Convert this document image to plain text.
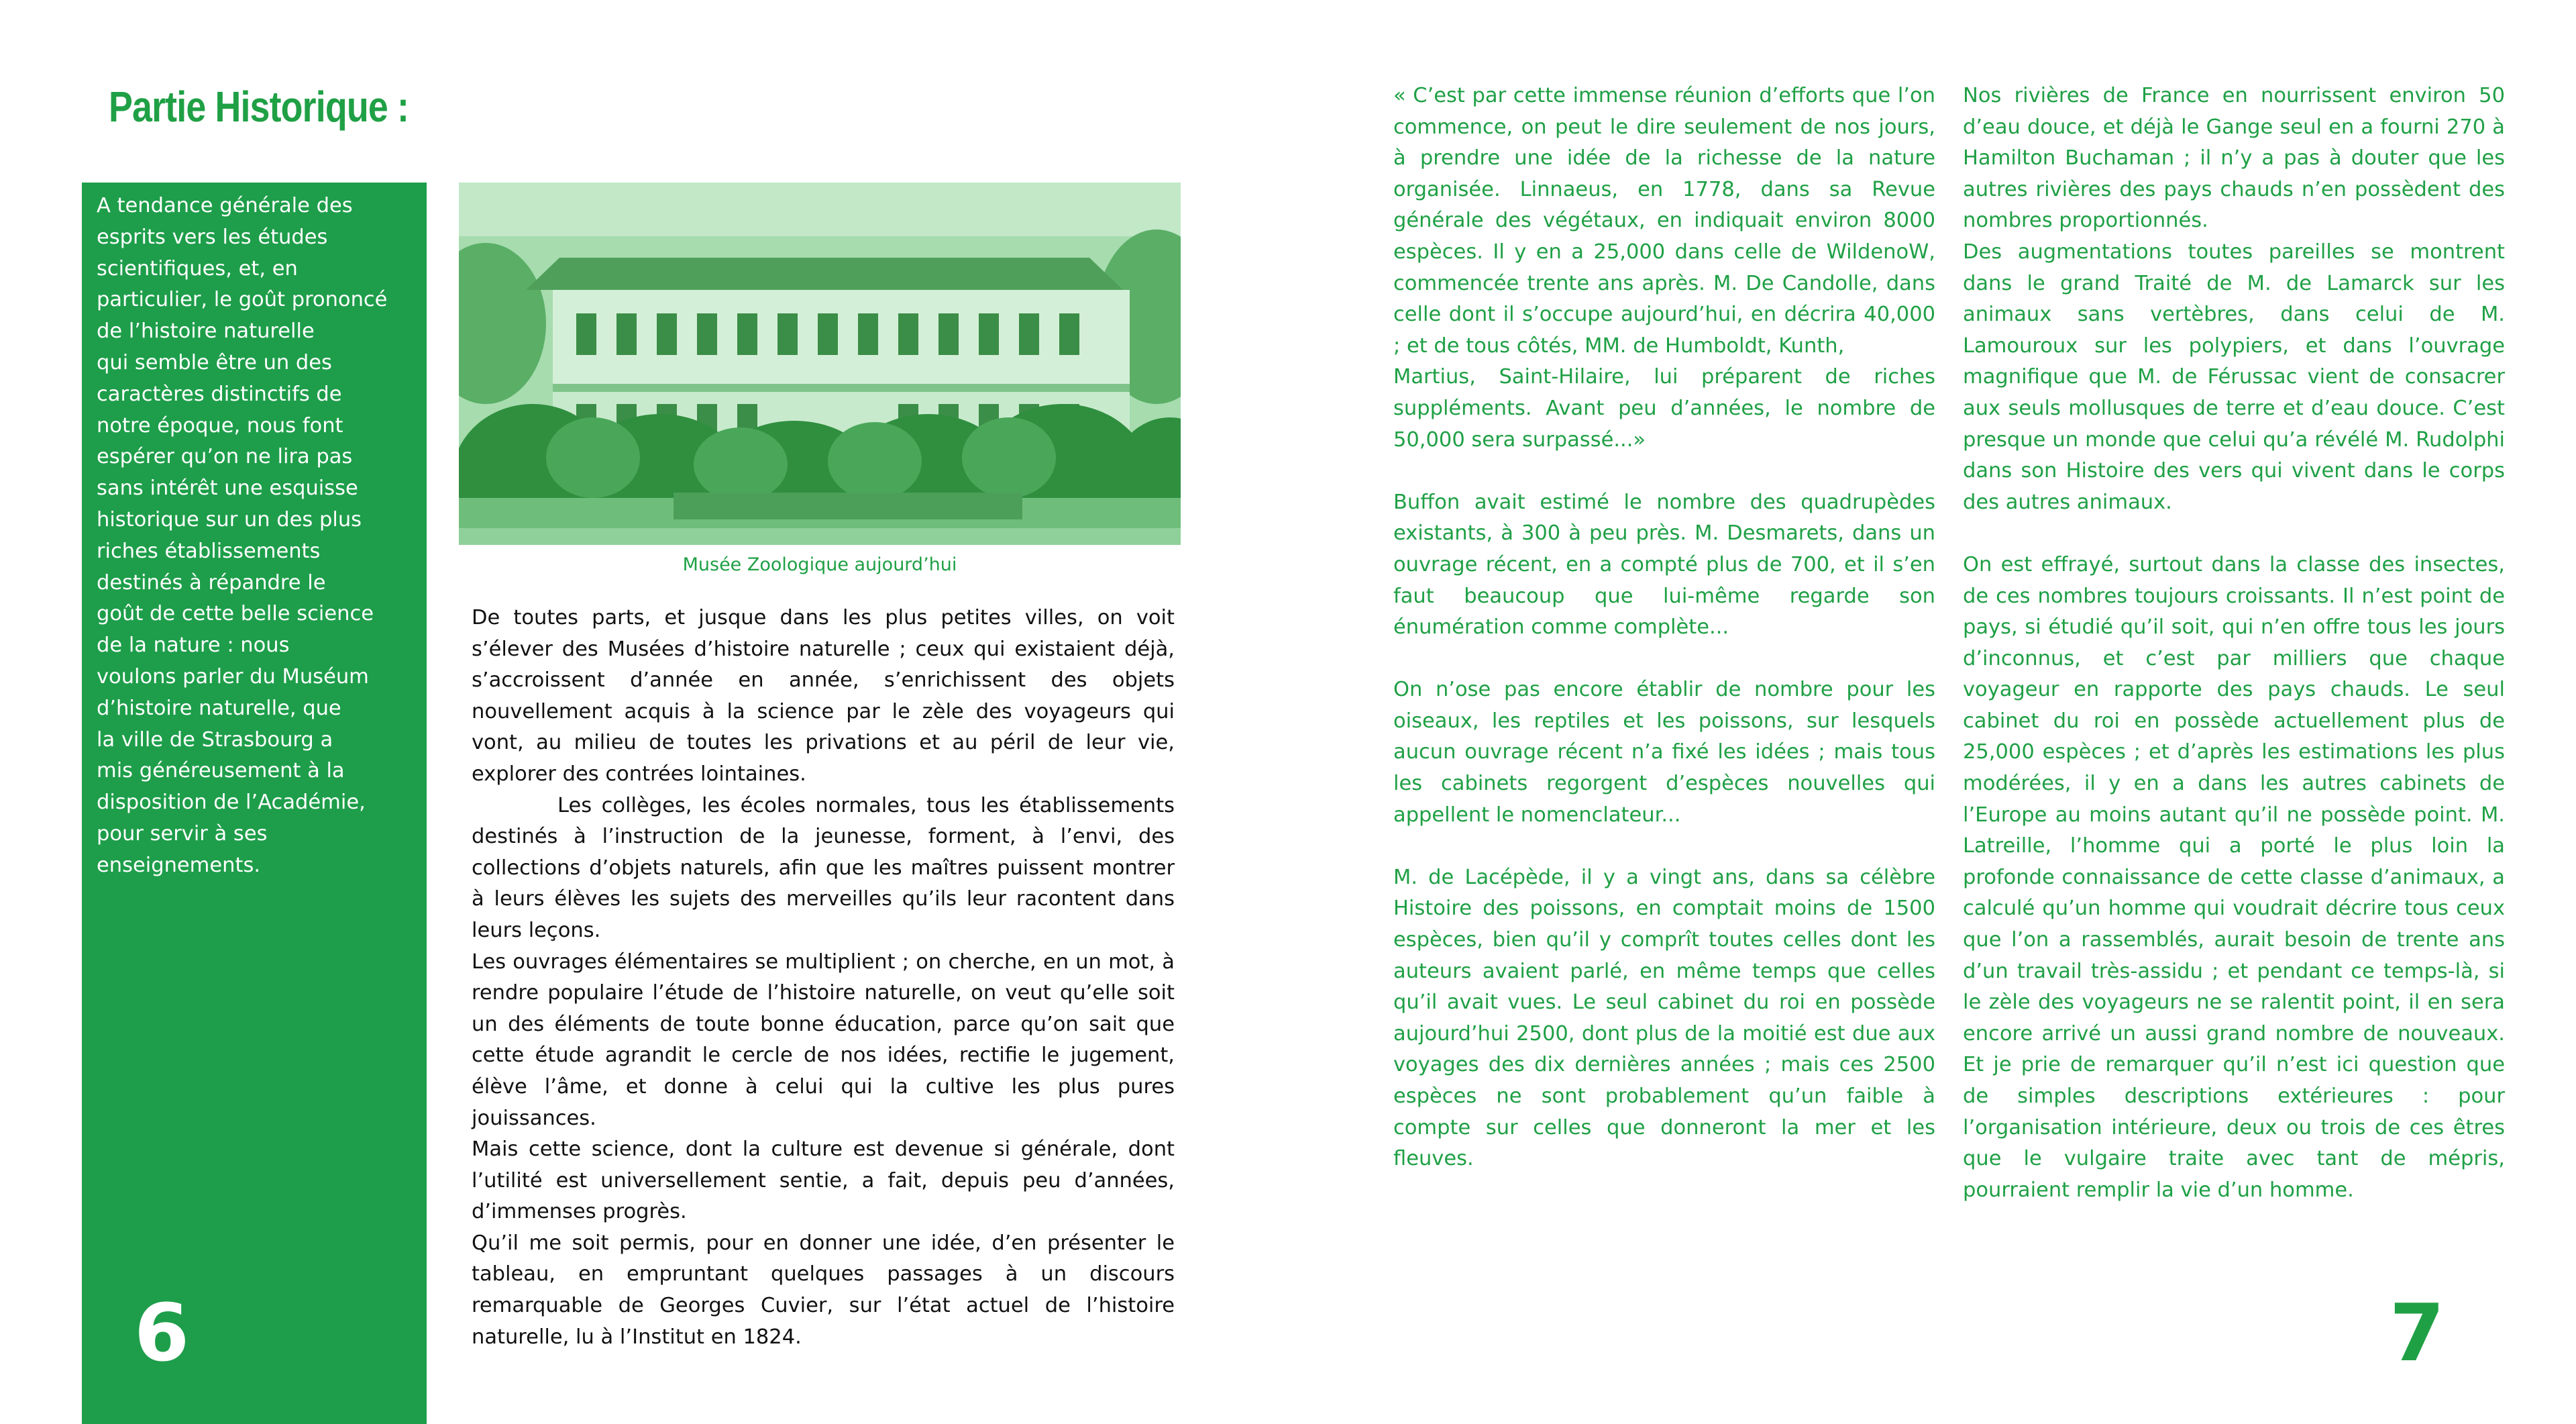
Partie Historique :

A tendance générale des
esprits vers les études
scientifiques, et, en
particulier, le goût prononcé
de l’histoire naturelle
qui semble être un des
caractères distinctifs de
notre époque, nous font
espérer qu’on ne lira pas
sans intérêt une esquisse
historique sur un des plus
riches établissements
destinés à répandre le
goût de cette belle science
de la nature : nous
voulons parler du Muséum
d’histoire naturelle, que
la ville de Strasbourg a
mis généreusement à la
disposition de l’Académie,
pour servir à ses
enseignements.

6

Musée Zoologique aujourd’hui

De toutes parts, et jusque dans les plus petites villes, on voit s’élever des Musées d’histoire naturelle ; ceux qui existaient déjà, s’accroissent d’année en année, s’enrichissent des objets nouvellement acquis à la science par le zèle des voyageurs qui vont, au milieu de toutes les privations et au péril de leur vie, explorer des contrées lointaines.

Les collèges, les écoles normales, tous les établissements destinés à l’instruction de la jeunesse, forment, à l’envi, des collections d’objets naturels, afin que les maîtres puissent montrer à leurs élèves les sujets des merveilles qu’ils leur racontent dans leurs leçons.

Les ouvrages élémentaires se multiplient ; on cherche, en un mot, à rendre populaire l’étude de l’histoire naturelle, on veut qu’elle soit un des éléments de toute bonne éducation, parce qu’on sait que cette étude agrandit le cercle de nos idées, rectifie le jugement, élève l’âme, et donne à celui qui la cultive les plus pures jouissances.

Mais cette science, dont la culture est devenue si générale, dont l’utilité est universellement sentie, a fait, depuis peu d’années, d’immenses progrès.

Qu’il me soit permis, pour en donner une idée, d’en présenter le tableau, en empruntant quelques passages à un discours remarquable de Georges Cuvier, sur l’état actuel de l’histoire naturelle, lu à l’Institut en 1824.

« C’est par cette immense réunion d’efforts que l’on commence, on peut le dire seulement de nos jours, à prendre une idée de la richesse de la nature organisée. Linnaeus, en 1778, dans sa Revue générale des végétaux, en indiquait environ 8000 espèces. Il y en a 25,000 dans celle de WildenoW, commencée trente ans après. M. De Candolle, dans celle dont il s’occupe aujourd’hui, en décrira 40,000 ; et de tous côtés, MM. de Humboldt, Kunth,

Martius, Saint-Hilaire, lui préparent de riches suppléments. Avant peu d’années, le nombre de 50,000 sera surpassé...»

Buffon avait estimé le nombre des quadrupèdes existants, à 300 à peu près. M. Desmarets, dans un ouvrage récent, en a compté plus de 700, et il s’en faut beaucoup que lui-même regarde son énumération comme complète...

On n’ose pas encore établir de nombre pour les oiseaux, les reptiles et les poissons, sur lesquels aucun ouvrage récent n’a fixé les idées ; mais tous les cabinets regorgent d’espèces nouvelles qui appellent le nomenclateur...

M. de Lacépède, il y a vingt ans, dans sa célèbre Histoire des poissons, en comptait moins de 1500 espèces, bien qu’il y comprît toutes celles dont les auteurs avaient parlé, en même temps que celles qu’il avait vues. Le seul cabinet du roi en possède aujourd’hui 2500, dont plus de la moitié est due aux voyages des dix dernières années ; mais ces 2500 espèces ne sont probablement qu’un faible à compte sur celles que donneront la mer et les fleuves.

Nos rivières de France en nourrissent environ 50 d’eau douce, et déjà le Gange seul en a fourni 270 à Hamilton Buchaman ; il n’y a pas à douter que les autres rivières des pays chauds n’en possèdent des nombres proportionnés.

Des augmentations toutes pareilles se montrent dans le grand Traité de M. de Lamarck sur les animaux sans vertèbres, dans celui de M. Lamouroux sur les polypiers, et dans l’ouvrage magnifique que M. de Férussac vient de consacrer aux seuls mollusques de terre et d’eau douce. C’est presque un monde que celui qu’a révélé M. Rudolphi dans son Histoire des vers qui vivent dans le corps des autres animaux.

On est effrayé, surtout dans la classe des insectes, de ces nombres toujours croissants. Il n’est point de pays, si étudié qu’il soit, qui n’en offre tous les jours d’inconnus, et c’est par milliers que chaque voyageur en rapporte des pays chauds. Le seul cabinet du roi en possède actuellement plus de 25,000 espèces ; et d’après les estimations les plus modérées, il y en a dans les autres cabinets de l’Europe au moins autant qu’il ne possède point. M. Latreille, l’homme qui a porté le plus loin la profonde connaissance de cette classe d’animaux, a calculé qu’un homme qui voudrait décrire tous ceux que l’on a rassemblés, aurait besoin de trente ans d’un travail très-assidu ; et pendant ce temps-là, si le zèle des voyageurs ne se ralentit point, il en sera encore arrivé un aussi grand nombre de nouveaux. Et je prie de remarquer qu’il n’est ici question que de simples descriptions extérieures : pour l’organisation intérieure, deux ou trois de ces êtres que le vulgaire traite avec tant de mépris, pourraient remplir la vie d’un homme.

7
